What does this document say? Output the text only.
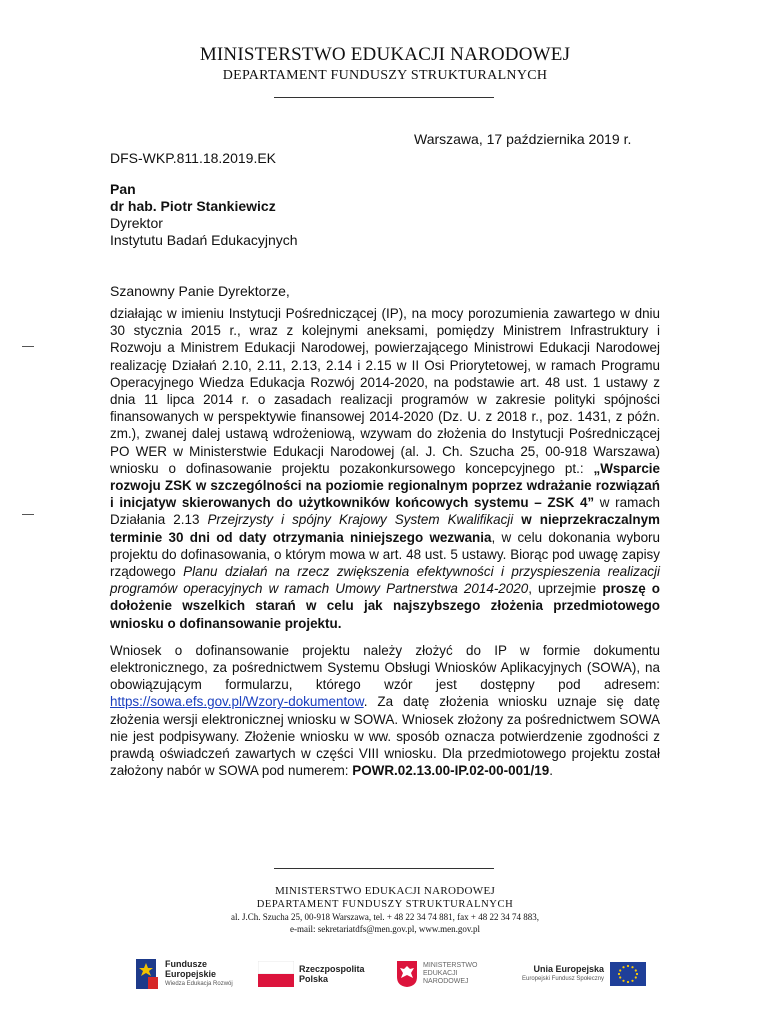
MINISTERSTWO EDUKACJI NARODOWEJ
DEPARTAMENT FUNDUSZY STRUKTURALNYCH
Warszawa, 17 października 2019 r.
DFS-WKP.811.18.2019.EK
Pan
dr hab. Piotr Stankiewicz
Dyrektor
Instytutu Badań Edukacyjnych
Szanowny Panie Dyrektorze,

działając w imieniu Instytucji Pośredniczącej (IP), na mocy porozumienia zawartego w dniu 30 stycznia 2015 r., wraz z kolejnymi aneksami, pomiędzy Ministrem Infrastruktury i Rozwoju a Ministrem Edukacji Narodowej, powierzającego Ministrowi Edukacji Narodowej realizację Działań 2.10, 2.11, 2.13, 2.14 i 2.15 w II Osi Priorytetowej, w ramach Programu Operacyjnego Wiedza Edukacja Rozwój 2014-2020, na podstawie art. 48 ust. 1 ustawy z dnia 11 lipca 2014 r. o zasadach realizacji programów w zakresie polityki spójności finansowanych w perspektywie finansowej 2014-2020 (Dz. U. z 2018 r., poz. 1431, z późn. zm.), zwanej dalej ustawą wdrożeniową, wzywam do złożenia do Instytucji Pośredniczącej PO WER w Ministerstwie Edukacji Narodowej (al. J. Ch. Szucha 25, 00-918 Warszawa) wniosku o dofinasowanie projektu pozakonkursowego koncepcyjnego pt.: „Wsparcie rozwoju ZSK w szczególności na poziomie regionalnym poprzez wdrażanie rozwiązań i inicjatyw skierowanych do użytkowników końcowych systemu – ZSK 4” w ramach Działania 2.13 Przejrzysty i spójny Krajowy System Kwalifikacji w nieprzekraczalnym terminie 30 dni od daty otrzymania niniejszego wezwania, w celu dokonania wyboru projektu do dofinasowania, o którym mowa w art. 48 ust. 5 ustawy. Biorąc pod uwagę zapisy rządowego Planu działań na rzecz zwiększenia efektywności i przyspieszenia realizacji programów operacyjnych w ramach Umowy Partnerstwa 2014-2020, uprzejmie proszę o dołożenie wszelkich starań w celu jak najszybszego złożenia przedmiotowego wniosku o dofinansowanie projektu.

Wniosek o dofinansowanie projektu należy złożyć do IP w formie dokumentu elektronicznego, za pośrednictwem Systemu Obsługi Wniosków Aplikacyjnych (SOWA), na obowiązującym formularzu, którego wzór jest dostępny pod adresem: https://sowa.efs.gov.pl/Wzory-dokumentow. Za datę złożenia wniosku uznaje się datę złożenia wersji elektronicznej wniosku w SOWA. Wniosek złożony za pośrednictwem SOWA nie jest podpisywany. Złożenie wniosku w ww. sposób oznacza potwierdzenie zgodności z prawdą oświadczeń zawartych w części VIII wniosku. Dla przedmiotowego projektu został założony nabór w SOWA pod numerem: POWR.02.13.00-IP.02-00-001/19.

MINISTERSTWO EDUKACJI NARODOWEJ
DEPARTAMENT FUNDUSZY STRUKTURALNYCH
al. J.Ch. Szucha 25, 00-918 Warszawa, tel. + 48 22 34 74 881, fax + 48 22 34 74 883,
e-mail: sekretariatdfs@men.gov.pl, www.men.gov.pl
Fundusze
Europejskie
Wiedza Edukacja Rozwój
Rzeczpospolita
Polska
MINISTERSTWO
EDUKACJI
NARODOWEJ
Unia Europejska
Europejski Fundusz Społeczny
